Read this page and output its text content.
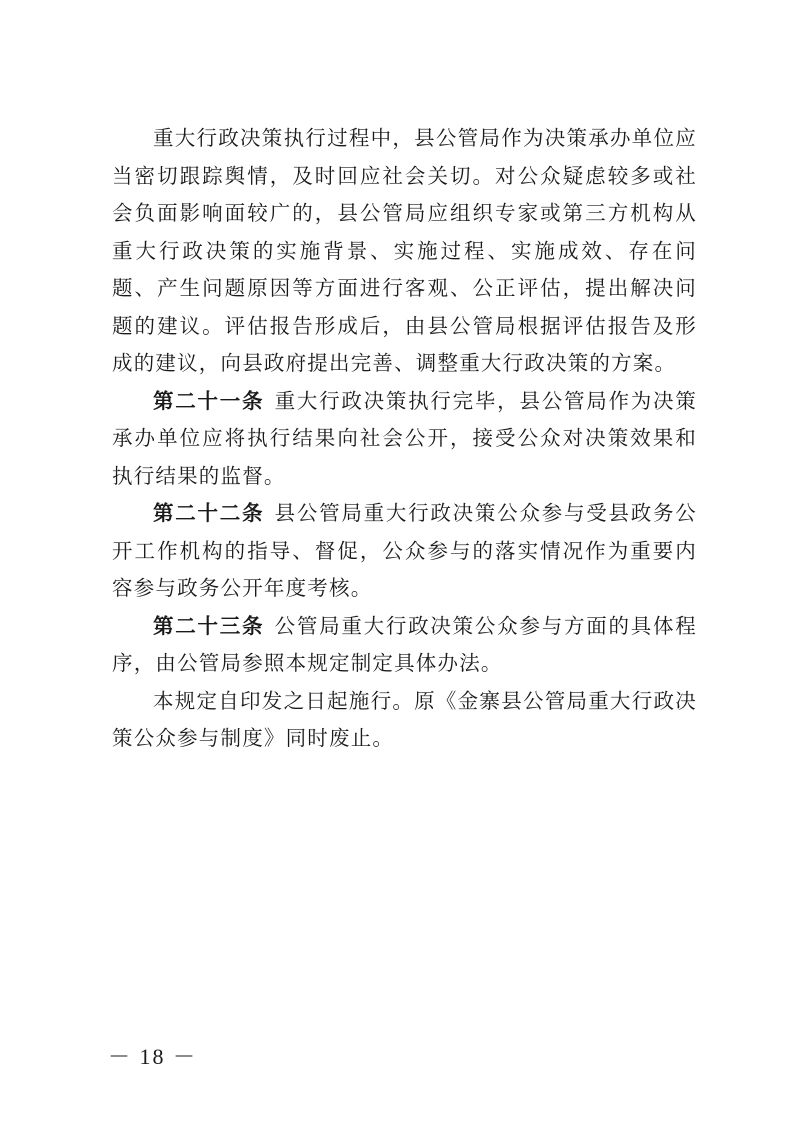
重大行政决策执行过程中，县公管局作为决策承办单位应当密切跟踪舆情，及时回应社会关切。对公众疑虑较多或社会负面影响面较广的，县公管局应组织专家或第三方机构从重大行政决策的实施背景、实施过程、实施成效、存在问题、产生问题原因等方面进行客观、公正评估，提出解决问题的建议。评估报告形成后，由县公管局根据评估报告及形成的建议，向县政府提出完善、调整重大行政决策的方案。

第二十一条 重大行政决策执行完毕，县公管局作为决策承办单位应将执行结果向社会公开，接受公众对决策效果和执行结果的监督。

第二十二条 县公管局重大行政决策公众参与受县政务公开工作机构的指导、督促，公众参与的落实情况作为重要内容参与政务公开年度考核。

第二十三条 公管局重大行政决策公众参与方面的具体程序，由公管局参照本规定制定具体办法。

本规定自印发之日起施行。原《金寨县公管局重大行政决策公众参与制度》同时废止。

－ 18 －
